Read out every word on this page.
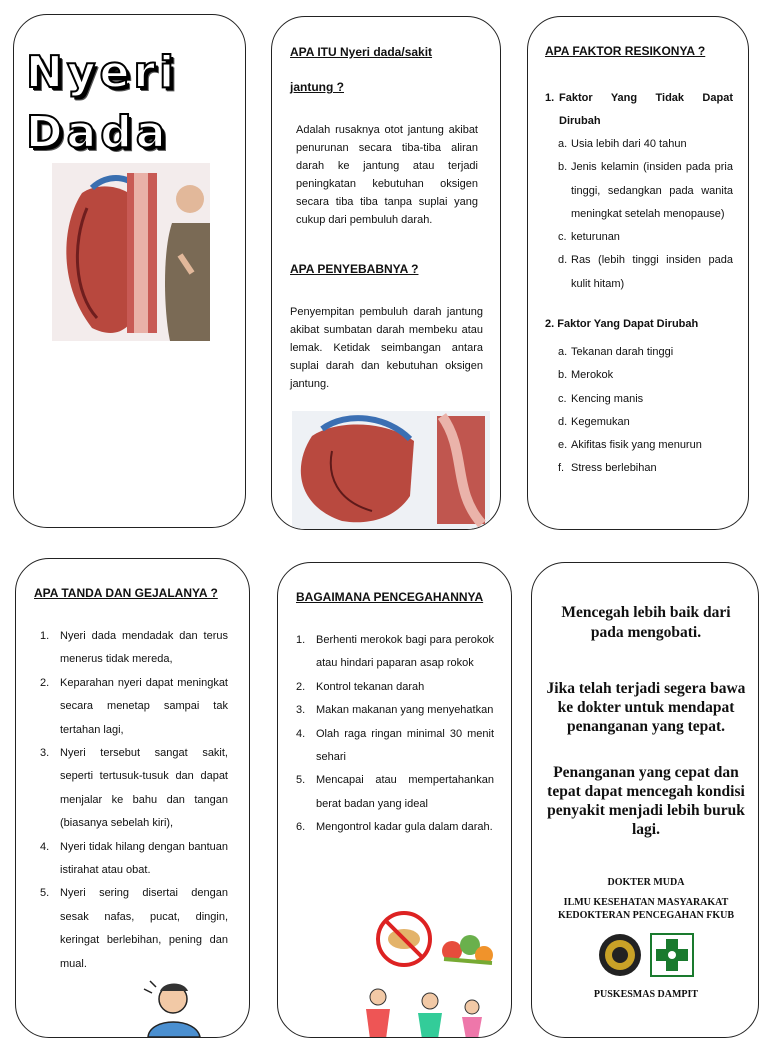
Nyeri
Dada
APA ITU Nyeri dada/sakit
jantung ?
Adalah rusaknya otot jantung akibat penurunan secara tiba-tiba aliran darah ke jantung atau terjadi peningkatan kebutuhan oksigen secara tiba tiba tanpa suplai yang cukup dari pembuluh darah.
APA PENYEBABNYA ?
Penyempitan pembuluh darah jantung akibat sumbatan darah membeku atau lemak. Ketidak seimbangan antara suplai darah dan kebutuhan oksigen jantung.
APA FAKTOR RESIKONYA ?
1. Faktor Yang Tidak Dapat
Dirubah
a. Usia lebih dari 40 tahun
b. Jenis kelamin (insiden pada pria tinggi, sedangkan pada wanita meningkat setelah menopause)
c. keturunan
d. Ras (lebih tinggi insiden pada kulit hitam)
2. Faktor Yang Dapat Dirubah
a. Tekanan darah tinggi
b. Merokok
c. Kencing manis
d. Kegemukan
e. Akifitas fisik yang menurun
f. Stress berlebihan
APA TANDA DAN GEJALANYA ?
1. Nyeri dada mendadak dan terus menerus tidak mereda,
2. Keparahan nyeri dapat meningkat secara menetap sampai tak tertahan lagi,
3. Nyeri tersebut sangat sakit, seperti tertusuk-tusuk dan dapat menjalar ke bahu dan tangan (biasanya sebelah kiri),
4. Nyeri tidak hilang dengan bantuan istirahat atau obat.
5. Nyeri sering disertai dengan sesak nafas, pucat, dingin, keringat berlebihan, pening dan mual.
BAGAIMANA PENCEGAHANNYA
1. Berhenti merokok bagi para perokok atau hindari paparan asap rokok
2. Kontrol tekanan darah
3. Makan makanan yang menyehatkan
4. Olah raga ringan minimal 30 menit sehari
5. Mencapai atau mempertahankan berat badan yang ideal
6. Mengontrol kadar gula dalam darah.
Mencegah lebih baik dari pada mengobati.
Jika telah terjadi segera bawa ke dokter untuk mendapat penanganan yang tepat.
Penanganan yang cepat dan tepat dapat mencegah kondisi penyakit menjadi lebih buruk lagi.
DOKTER MUDA
ILMU KESEHATAN MASYARAKAT
KEDOKTERAN PENCEGAHAN FKUB
PUSKESMAS DAMPIT
